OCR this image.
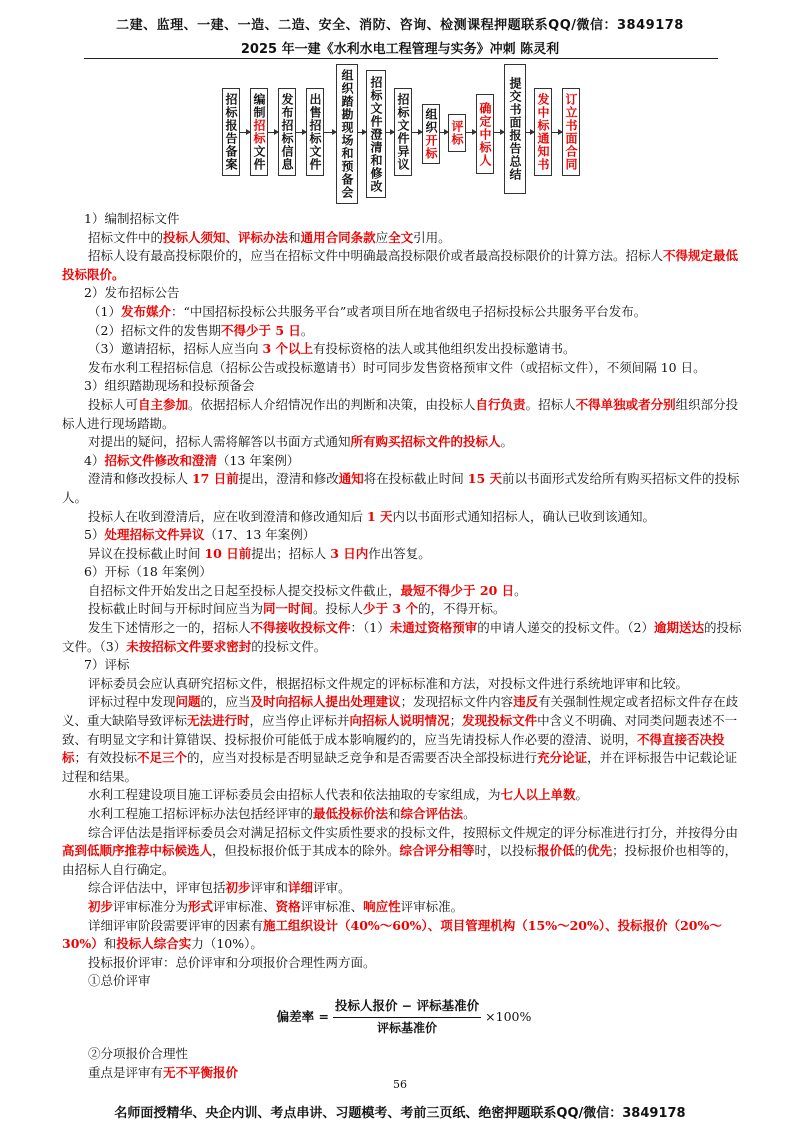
二建、监理、一建、一造、二造、安全、消防、咨询、检测课程押题联系QQ/微信：3849178
2025 年一建《水利水电工程管理与实务》冲刺 陈灵利
招标报告备案 编制
招标
文件 发布招标信息 出售招标文件 组织踏勘现场和预备会 招标文件澄清和修改 招标文件异议 组织
开标
评标 确定中标人 提交书面报告总结 发中标通知书 订立书面合同

1）编制招标文件

招标文件中的投标人须知、评标办法和通用合同条款应全文引用。

招标人设有最高投标限价的，应当在招标文件中明确最高投标限价或者最高投标限价的计算方法。招标人不得规定最低投标限价。

2）发布招标公告

（1）发布媒介：“中国招标投标公共服务平台”或者项目所在地省级电子招标投标公共服务平台发布。

（2）招标文件的发售期不得少于 5 日。

（3）邀请招标，招标人应当向 3 个以上有投标资格的法人或其他组织发出投标邀请书。

发布水利工程招标信息（招标公告或投标邀请书）时可同步发售资格预审文件（或招标文件），不须间隔 10 日。

3）组织踏勘现场和投标预备会

投标人可自主参加。依据招标人介绍情况作出的判断和决策，由投标人自行负责。招标人不得单独或者分别组织部分投标人进行现场踏勘。

对提出的疑问，招标人需将解答以书面方式通知所有购买招标文件的投标人。

4）招标文件修改和澄清（13 年案例）

澄清和修改投标人 17 日前提出，澄清和修改通知将在投标截止时间 15 天前以书面形式发给所有购买招标文件的投标人。

投标人在收到澄清后，应在收到澄清和修改通知后 1 天内以书面形式通知招标人，确认已收到该通知。

5）处理招标文件异议（17、13 年案例）

异议在投标截止时间 10 日前提出；招标人 3 日内作出答复。

6）开标（18 年案例）

自招标文件开始发出之日起至投标人提交投标文件截止，最短不得少于 20 日。

投标截止时间与开标时间应当为同一时间。投标人少于 3 个的，不得开标。

发生下述情形之一的，招标人不得接收投标文件：（1）未通过资格预审的申请人递交的投标文件。（2）逾期送达的投标文件。（3）未按招标文件要求密封的投标文件。

7）评标

评标委员会应认真研究招标文件，根据招标文件规定的评标标准和方法，对投标文件进行系统地评审和比较。

评标过程中发现问题的，应当及时向招标人提出处理建议；发现招标文件内容违反有关强制性规定或者招标文件存在歧义、重大缺陷导致评标无法进行时，应当停止评标并向招标人说明情况；发现投标文件中含义不明确、对同类问题表述不一致、有明显文字和计算错误、投标报价可能低于成本影响履约的，应当先请投标人作必要的澄清、说明，不得直接否决投标；有效投标不足三个的，应当对投标是否明显缺乏竞争和是否需要否决全部投标进行充分论证，并在评标报告中记载论证过程和结果。

水利工程建设项目施工评标委员会由招标人代表和依法抽取的专家组成，为七人以上单数。

水利工程施工招标评标办法包括经评审的最低投标价法和综合评估法。

综合评估法是指评标委员会对满足招标文件实质性要求的投标文件，按照标文件规定的评分标准进行打分，并按得分由高到低顺序推荐中标候选人，但投标报价低于其成本的除外。综合评分相等时，以投标报价低的优先；投标报价也相等的，由招标人自行确定。

综合评估法中，评审包括初步评审和详细评审。

初步评审标准分为形式评审标准、资格评审标准、响应性评审标准。

详细评审阶段需要评审的因素有施工组织设计（40%～60%）、项目管理机构（15%～20%）、投标报价（20%～30%）和投标人综合实力（10%）。

投标报价评审：总价评审和分项报价合理性两方面。

①总价评审

偏差率 = $\frac{\text{投标人报价 − 评标基准价}}{\text{评标基准价}} \times 100\%$

②分项报价合理性

重点是评审有无不平衡报价

56
名师面授精华、央企内训、考点串讲、习题模考、考前三页纸、绝密押题联系QQ/微信：3849178
